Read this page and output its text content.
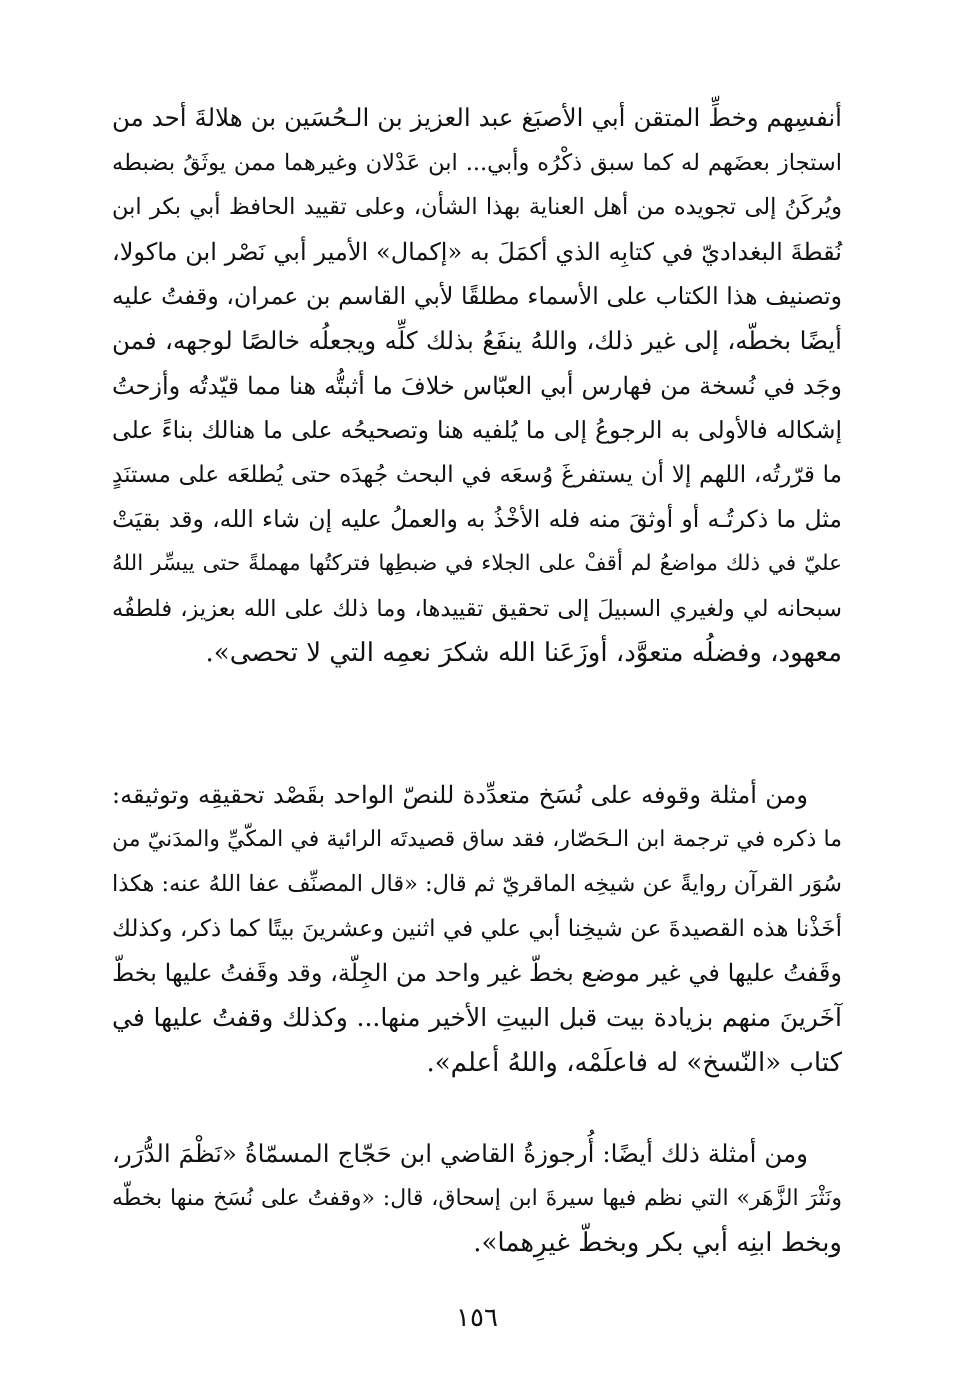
أنفسِهم وخطِّ المتقن أبي الأصبَغ عبد العزيز بن الـحُسَين بن هلالةَ أحد من
استجاز بعضَهم له كما سبق ذكْرُه وأبي... ابن عَدْلان وغيرهما ممن يوثَقُ بضبطه
ويُركَنُ إلى تجويده من أهل العناية بهذا الشأن، وعلى تقييد الحافظ أبي بكر ابن
نُقطةَ البغداديّ في كتابِه الذي أكمَلَ به «إكمال» الأمير أبي نَصْر ابن ماكولا،
وتصنيف هذا الكتاب على الأسماء مطلقًا لأبي القاسم بن عمران، وقفتُ عليه
أيضًا بخطّه، إلى غير ذلك، واللهُ ينفَعُ بذلك كلِّه ويجعلُه خالصًا لوجهه، فمن
وجَد في نُسخة من فهارس أبي العبّاس خلافَ ما أثبتُّه هنا مما قيّدتُه وأزحتُ
إشكاله فالأولى به الرجوعُ إلى ما يُلفيه هنا وتصحيحُه على ما هنالك بناءً على
ما قرّرتُه، اللهم إلا أن يستفرغَ وُسعَه في البحث جُهدَه حتى يُطلعَه على مستنَدٍ
مثل ما ذكرتُـه أو أوثقَ منه فله الأخْذُ به والعملُ عليه إن شاء الله، وقد بقيَتْ
عليّ في ذلك مواضعُ لم أقفْ على الجلاء في ضبطِها فتركتُها مهملةً حتى ييسِّر اللهُ
سبحانه لي ولغيري السبيلَ إلى تحقيق تقييدها، وما ذلك على الله بعزيز، فلطفُه
معهود، وفضلُه متعوَّد، أوزَعَنا الله شكرَ نعمِه التي لا تحصى».
ومن أمثلة وقوفه على نُسَخ متعدِّدة للنصّ الواحد بقَصْد تحقيقِه وتوثيقه:
ما ذكره في ترجمة ابن الـحَصّار، فقد ساق قصيدتَه الرائية في المكّيِّ والمدَنيّ من
سُوَر القرآن روايةً عن شيخِه الماقريّ ثم قال: «قال المصنِّف عفا اللهُ عنه: هكذا
أخَذْنا هذه القصيدةَ عن شيخِنا أبي علي في اثنين وعشرينَ بيتًا كما ذكر، وكذلك
وقَفتُ عليها في غير موضع بخطّ غير واحد من الجِلّة، وقد وقَفتُ عليها بخطّ
آخَرينَ منهم بزيادة بيت قبل البيتِ الأخير منها... وكذلك وقفتُ عليها في
كتاب «النّسخ» له فاعلَمْه، واللهُ أعلم».
ومن أمثلة ذلك أيضًا: أُرجوزةُ القاضي ابن حَجّاج المسمّاةُ «نَظْمَ الدُّرَر،
ونَثْرَ الزَّهَر» التي نظم فيها سيرةَ ابن إسحاق، قال: «وقفتُ على نُسَخ منها بخطّه
وبخط ابنِه أبي بكر وبخطّ غيرِهما».
١٥٦
